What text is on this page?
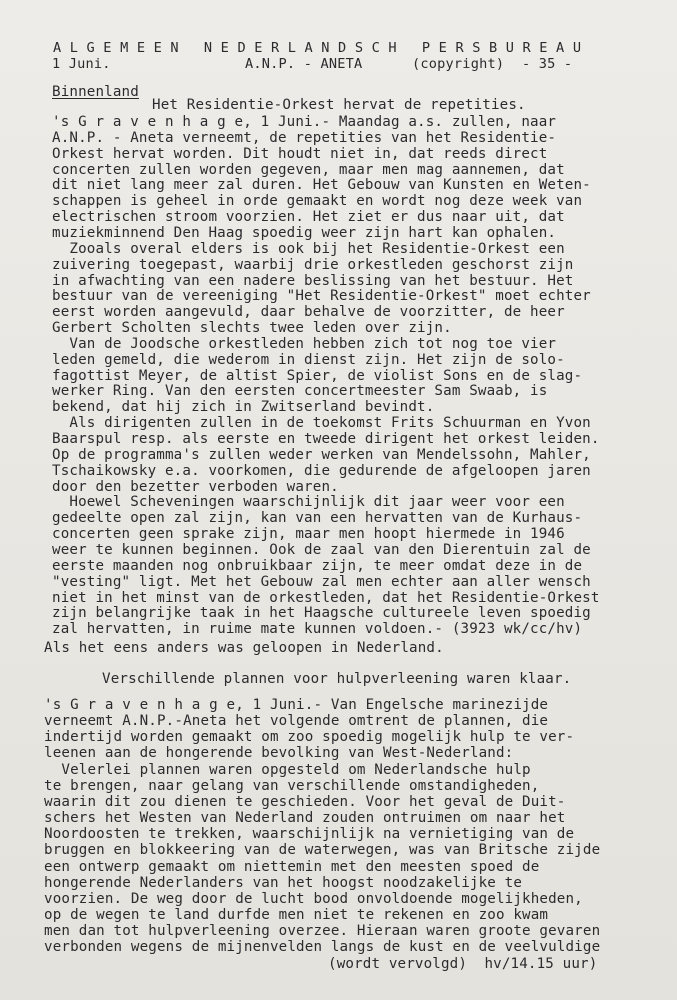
A L G E M E E N   N E D E R L A N D S C H   P E R S B U R E A U
1 Juni.	A.N.P. - ANETA	(copyright) - 35 -
Binnenland
Het Residentie-Orkest hervat de repetities.
's G r a v e n h a g e, 1 Juni.- Maandag a.s. zullen, naar
A.N.P. - Aneta verneemt, de repetities van het Residentie-
Orkest hervat worden. Dit houdt niet in, dat reeds direct
concerten zullen worden gegeven, maar men mag aannemen, dat
dit niet lang meer zal duren. Het Gebouw van Kunsten en Weten-
schappen is geheel in orde gemaakt en wordt nog deze week van
electrischen stroom voorzien. Het ziet er dus naar uit, dat
muziekminnend Den Haag spoedig weer zijn hart kan ophalen.
Zooals overal elders is ook bij het Residentie-Orkest een
zuivering toegepast, waarbij drie orkestleden geschorst zijn
in afwachting van een nadere beslissing van het bestuur. Het
bestuur van de vereeniging "Het Residentie-Orkest" moet echter
eerst worden aangevuld, daar behalve de voorzitter, de heer
Gerbert Scholten slechts twee leden over zijn.
Van de Joodsche orkestleden hebben zich tot nog toe vier
leden gemeld, die wederom in dienst zijn. Het zijn de solo-
fagottist Meyer, de altist Spier, de violist Sons en de slag-
werker Ring. Van den eersten concertmeester Sam Swaab, is
bekend, dat hij zich in Zwitserland bevindt.
Als dirigenten zullen in de toekomst Frits Schuurman en Yvon
Baarspul resp. als eerste en tweede dirigent het orkest leiden.
Op de programma's zullen weder werken van Mendelssohn, Mahler,
Tschaikowsky e.a. voorkomen, die gedurende de afgeloopen jaren
door den bezetter verboden waren.
Hoewel Scheveningen waarschijnlijk dit jaar weer voor een
gedeelte open zal zijn, kan van een hervatten van de Kurhaus-
concerten geen sprake zijn, maar men hoopt hiermede in 1946
weer te kunnen beginnen. Ook de zaal van den Dierentuin zal de
eerste maanden nog onbruikbaar zijn, te meer omdat deze in de
"vesting" ligt. Met het Gebouw zal men echter aan aller wensch
niet in het minst van de orkestleden, dat het Residentie-Orkest
zijn belangrijke taak in het Haagsche cultureele leven spoedig
zal hervatten, in ruime mate kunnen voldoen.- (3923 wk/cc/hv)
Als het eens anders was geloopen in Nederland.
Verschillende plannen voor hulpverleening waren klaar.
's G r a v e n h a g e, 1 Juni.- Van Engelsche marinezijde
verneemt A.N.P.-Aneta het volgende omtrent de plannen, die
indertijd worden gemaakt om zoo spoedig mogelijk hulp te ver-
leenen aan de hongerende bevolking van West-Nederland:
Velerlei plannen waren opgesteld om Nederlandsche hulp
te brengen, naar gelang van verschillende omstandigheden,
waarin dit zou dienen te geschieden. Voor het geval de Duit-
schers het Westen van Nederland zouden ontruimen om naar het
Noordoosten te trekken, waarschijnlijk na vernietiging van de
bruggen en blokkeering van de waterwegen, was van Britsche zijde
een ontwerp gemaakt om niettemin met den meesten spoed de
hongerende Nederlanders van het hoogst noodzakelijke te
voorzien. De weg door de lucht bood onvoldoende mogelijkheden,
op de wegen te land durfde men niet te rekenen en zoo kwam
men dan tot hulpverleening overzee. Hieraan waren groote gevaren
verbonden wegens de mijnenvelden langs de kust en de veelvuldige
(wordt vervolgd)  hv/14.15 uur)
